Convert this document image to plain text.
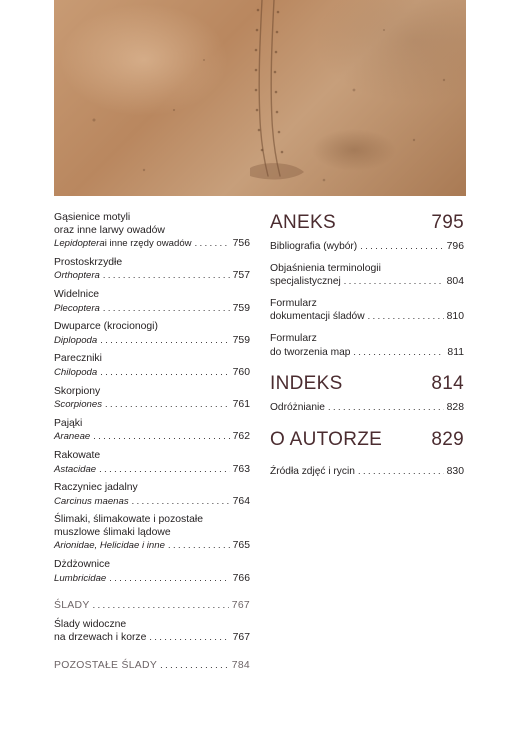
Gąsienice motyli
oraz inne larwy owadów
Lepidoptera i inne rzędy owadów . . .	756
Prostoskrzydłe
Orthoptera . . .	757
Widelnice
Plecoptera . . .	759
Dwuparce (krocionogi)
Diplopoda . . .	759
Pareczniki
Chilopoda . . .	760
Skorpiony
Scorpiones . . .	761
Pająki
Araneae . . .	762
Rakowate
Astacidae . . .	763
Raczyniec jadalny
Carcinus maenas . . .	764
Ślimaki, ślimakowate i pozostałe
muszlowe ślimaki lądowe
Arionidae, Helicidae i inne . . .	765
Dżdżownice
Lumbricidae . . .	766
ŚLADY . . .	767
Ślady widoczne
na drzewach i korze . . .	767
POZOSTAŁE ŚLADY . . .	784
ANEKS	795
Bibliografia (wybór) . . .	796
Objaśnienia terminologii
specjalistycznej . . .	804
Formularz
dokumentacji śladów . . .	810
Formularz
do tworzenia map . . .	811
INDEKS	814
Odróżnianie . . .	828
O AUTORZE	829
Źródła zdjęć i rycin . . .	830
